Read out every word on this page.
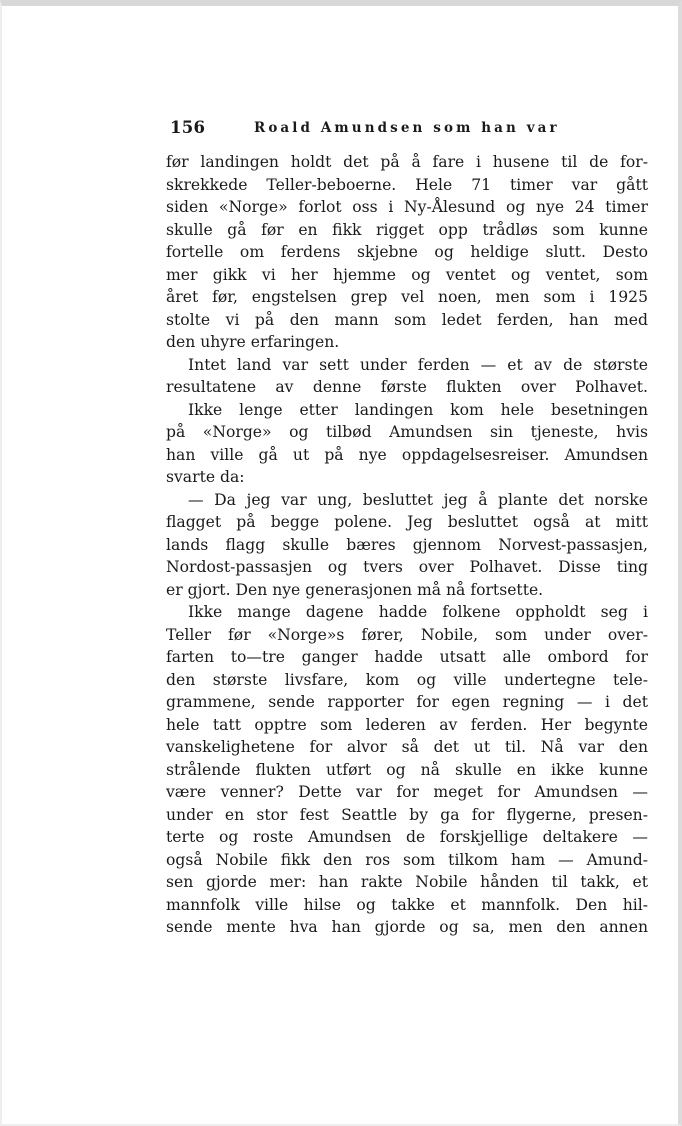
156	Roald Amundsen som han var
før landingen holdt det på å fare i husene til de for-
skrekkede Teller-beboerne. Hele 71 timer var gått
siden «Norge» forlot oss i Ny-Ålesund og nye 24 timer
skulle gå før en fikk rigget opp trådløs som kunne
fortelle om ferdens skjebne og heldige slutt. Desto
mer gikk vi her hjemme og ventet og ventet, som
året før, engstelsen grep vel noen, men som i 1925
stolte vi på den mann som ledet ferden, han med
den uhyre erfaringen.
Intet land var sett under ferden — et av de største
resultatene av denne første flukten over Polhavet.
Ikke lenge etter landingen kom hele besetningen
på «Norge» og tilbød Amundsen sin tjeneste, hvis
han ville gå ut på nye oppdagelsesreiser. Amundsen
svarte da:
— Da jeg var ung, besluttet jeg å plante det norske
flagget på begge polene. Jeg besluttet også at mitt
lands flagg skulle bæres gjennom Norvest-passasjen,
Nordost-passasjen og tvers over Polhavet. Disse ting
er gjort. Den nye generasjonen må nå fortsette.
Ikke mange dagene hadde folkene oppholdt seg i
Teller før «Norge»s fører, Nobile, som under over-
farten to—tre ganger hadde utsatt alle ombord for
den største livsfare, kom og ville undertegne tele-
grammene, sende rapporter for egen regning — i det
hele tatt opptre som lederen av ferden. Her begynte
vanskelighetene for alvor så det ut til. Nå var den
strålende flukten utført og nå skulle en ikke kunne
være venner? Dette var for meget for Amundsen —
under en stor fest Seattle by ga for flygerne, presen-
terte og roste Amundsen de forskjellige deltakere —
også Nobile fikk den ros som tilkom ham — Amund-
sen gjorde mer: han rakte Nobile hånden til takk, et
mannfolk ville hilse og takke et mannfolk. Den hil-
sende mente hva han gjorde og sa, men den annen
